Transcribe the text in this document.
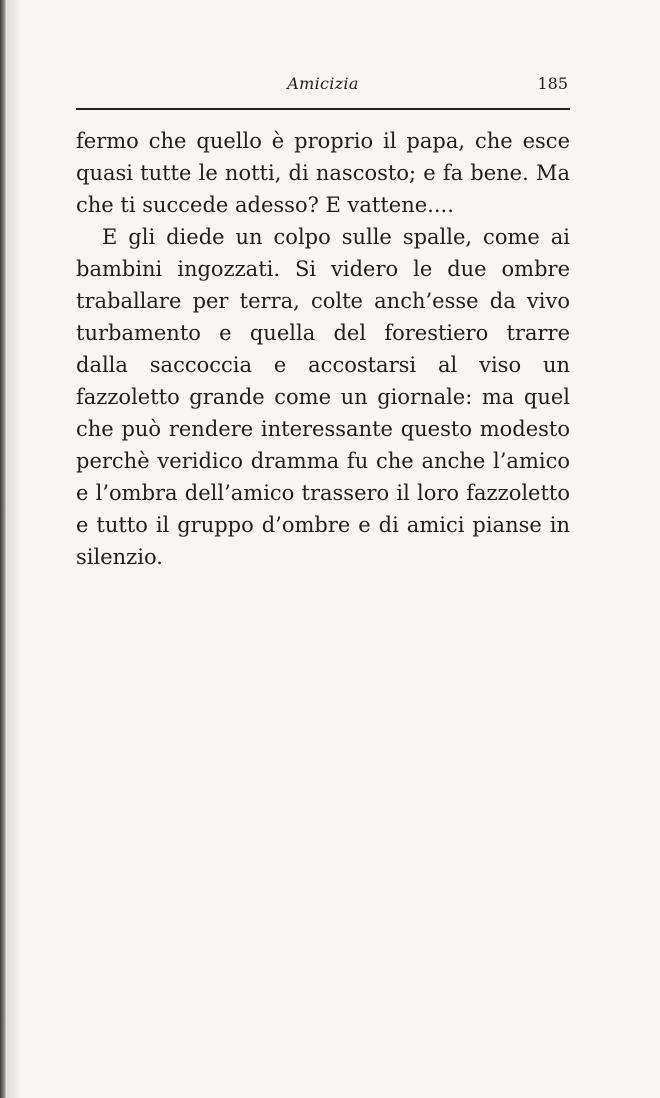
Amicizia	185

fermo che quello è proprio il papa, che esce quasi tutte le notti, di nascosto; e fa bene. Ma che ti succede adesso? E vattene....

E gli diede un colpo sulle spalle, come ai bambini ingozzati. Si videro le due ombre traballare per terra, colte anch’esse da vivo turbamento e quella del forestiero trarre dalla saccoccia e accostarsi al viso un fazzoletto grande come un giornale: ma quel che può rendere interessante questo modesto perchè veridico dramma fu che anche l’amico e l’ombra dell’amico trassero il loro fazzoletto e tutto il gruppo d’ombre e di amici pianse in silenzio.
